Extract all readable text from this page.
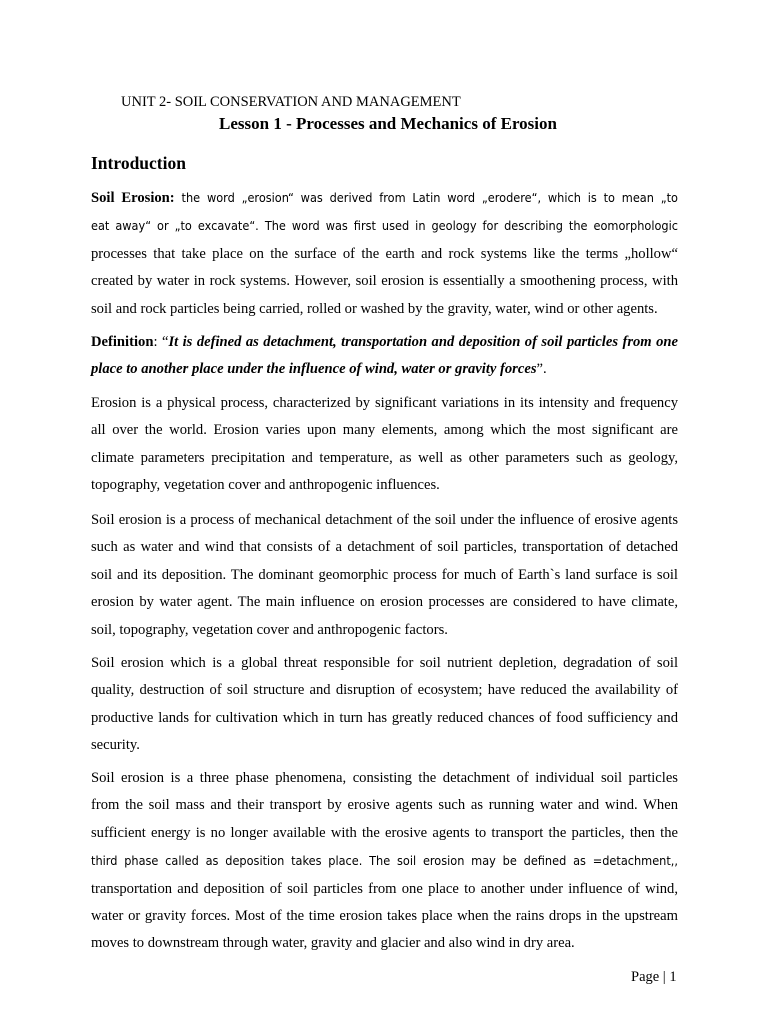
UNIT 2- SOIL CONSERVATION AND MANAGEMENT
Lesson 1 - Processes and Mechanics of Erosion
Introduction
Soil Erosion: the word „erosion“ was derived from Latin word „erodere“, which is to mean „to
eat away“ or „to excavate“. The word was first used in geology for describing the eomorphologic
processes that take place on the surface of the earth and rock systems like the terms „hollow“
created by water in rock systems. However, soil erosion is essentially a smoothening process, with
soil and rock particles being carried, rolled or washed by the gravity, water, wind or other agents.
Definition: “It is defined as detachment, transportation and deposition of soil particles from one
place to another place under the influence of wind, water or gravity forces”.
Erosion is a physical process, characterized by significant variations in its intensity and frequency
all over the world. Erosion varies upon many elements, among which the most significant are
climate parameters precipitation and temperature, as well as other parameters such as geology,
topography, vegetation cover and anthropogenic influences.
Soil erosion is a process of mechanical detachment of the soil under the influence of erosive agents
such as water and wind that consists of a detachment of soil particles, transportation of detached
soil and its deposition. The dominant geomorphic process for much of Earth`s land surface is soil
erosion by water agent. The main influence on erosion processes are considered to have climate,
soil, topography, vegetation cover and anthropogenic factors.
Soil erosion which is a global threat responsible for soil nutrient depletion, degradation of soil
quality, destruction of soil structure and disruption of ecosystem; have reduced the availability of
productive lands for cultivation which in turn has greatly reduced chances of food sufficiency and
security.
Soil erosion is a three phase phenomena, consisting the detachment of individual soil particles
from the soil mass and their transport by erosive agents such as running water and wind. When
sufficient energy is no longer available with the erosive agents to transport the particles, then the
third phase called as deposition takes place. The soil erosion may be defined as =detachment,,
transportation and deposition of soil particles from one place to another under influence of wind,
water or gravity forces. Most of the time erosion takes place when the rains drops in the upstream
moves to downstream through water, gravity and glacier and also wind in dry area.
Page | 1
